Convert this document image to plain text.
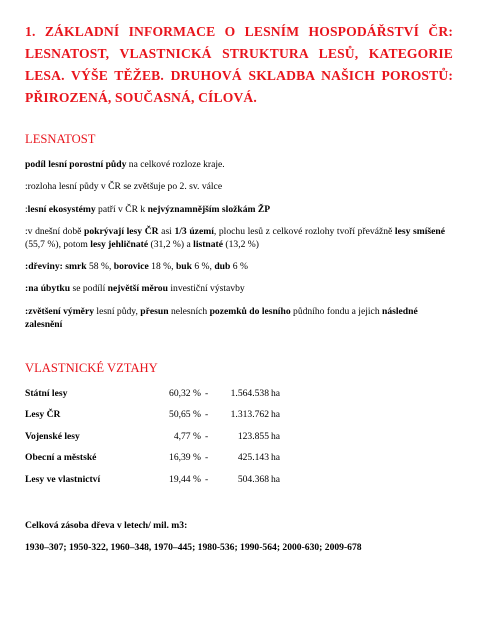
1. ZÁKLADNÍ INFORMACE O LESNÍM HOSPODÁŘSTVÍ ČR: LESNATOST, VLASTNICKÁ STRUKTURA LESŮ, KATEGORIE LESA. VÝŠE TĚŽEB. DRUHOVÁ SKLADBA NAŠICH POROSTŮ: PŘIROZENÁ, SOUČASNÁ, CÍLOVÁ.
LESNATOST
podíl lesní porostní půdy na celkové rozloze kraje.
:rozloha lesní půdy v ČR se zvětšuje po 2. sv. válce
:lesní ekosystémy patří v ČR k nejvýznamnějším složkám ŽP
:v dnešní době pokrývají lesy ČR asi 1/3 území, plochu lesů z celkové rozlohy tvoří převážně lesy smíšené (55,7 %), potom lesy jehličnaté (31,2 %) a listnaté (13,2 %)
:dřeviny: smrk 58 %, borovice 18 %, buk 6 %, dub 6 %
:na úbytku se podílí největší měrou investiční výstavby
:zvětšení výměry lesní půdy, přesun nelesních pozemků do lesního půdního fondu a jejich následné zalesnění
VLASTNICKÉ VZTAHY
Státní lesy	60,32 % -	1.564.538 ha
Lesy ČR	50,65 % -	1.313.762 ha
Vojenské lesy	4,77 % -	123.855 ha
Obecní a městské	16,39 % -	425.143 ha
Lesy ve vlastnictví	19,44 % -	504.368 ha
Celková zásoba dřeva v letech/ mil. m3:
1930–307; 1950-322, 1960–348, 1970–445; 1980-536; 1990-564; 2000-630; 2009-678
